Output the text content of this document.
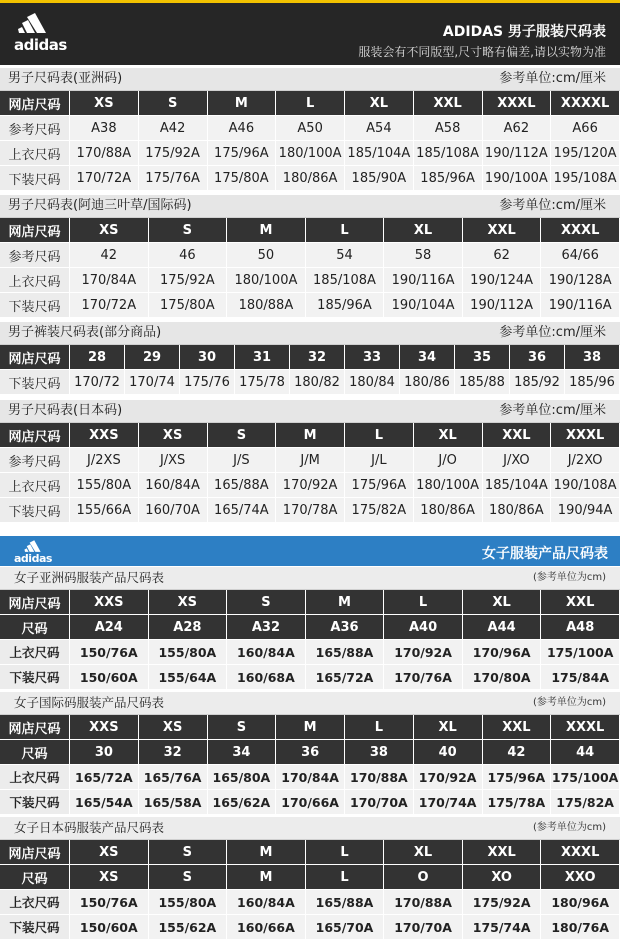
adidas
ADIDAS 男子服装尺码表
服装会有不同版型,尺寸略有偏差,请以实物为准
男子尺码表(亚洲码)	参考单位:cm/厘米
网店尺码	XS	S	M	L	XL	XXL	XXXL	XXXXL
参考尺码	A38	A42	A46	A50	A54	A58	A62	A66
上衣尺码	170/88A	175/92A	175/96A 180/100A 185/104A 185/108A 190/112A 195/120A
下装尺码	170/72A	175/76A	175/80A	180/86A	185/90A	185/96A 190/100A 195/108A
男子尺码表(阿迪三叶草/国际码)	参考单位:cm/厘米
网店尺码	XS	S	M	L	XL	XXL	XXXL
参考尺码	42	46	50	54	58	62	64/66
上衣尺码	170/84A	175/92A	180/100A	185/108A	190/116A	190/124A	190/128A
下装尺码	170/72A	175/80A	180/88A	185/96A	190/104A	190/112A	190/116A
男子裤装尺码表(部分商品)	参考单位:cm/厘米
网店尺码	28	29	30	31	32	33	34	35	36	38
下装尺码	170/72 170/74 175/76 175/78 180/82 180/84 180/86 185/88 185/92 185/96
男子尺码表(日本码)	参考单位:cm/厘米
网店尺码	XXS	XS	S	M	L	XL	XXL	XXXL
参考尺码	J/2XS	J/XS	J/S	J/M	J/L	J/O	J/XO	J/2XO
上衣尺码	155/80A	160/84A	165/88A	170/92A	175/96A 180/100A 185/104A 190/108A
下装尺码	155/66A	160/70A	165/74A	170/78A	175/82A	180/86A	180/86A	190/94A
adidas	女子服装产品尺码表
女子亚洲码服装产品尺码表	(参考单位为cm)
网店尺码	XXS	XS	S	M	L	XL	XXL
尺码	A24	A28	A32	A36	A40	A44	A48
上衣尺码	150/76A	155/80A	160/84A	165/88A	170/92A	170/96A	175/100A
下装尺码	150/60A	155/64A	160/68A	165/72A	170/76A	170/80A	175/84A
女子国际码服装产品尺码表	(参考单位为cm)
网店尺码	XXS	XS	S	M	L	XL	XXL	XXXL
尺码	30	32	34	36	38	40	42	44
上衣尺码	165/72A 165/76A 165/80A 170/84A 170/88A 170/92A 175/96A 175/100A
下装尺码	165/54A 165/58A 165/62A 170/66A 170/70A 170/74A 175/78A 175/82A
女子日本码服装产品尺码表	(参考单位为cm)
网店尺码	XS	S	M	L	XL	XXL	XXXL
尺码	XS	S	M	L	O	XO	XXO
上衣尺码	150/76A	155/80A	160/84A	165/88A	170/88A	175/92A	180/96A
下装尺码	150/60A	155/62A	160/66A	165/70A	170/70A	175/74A	180/76A
